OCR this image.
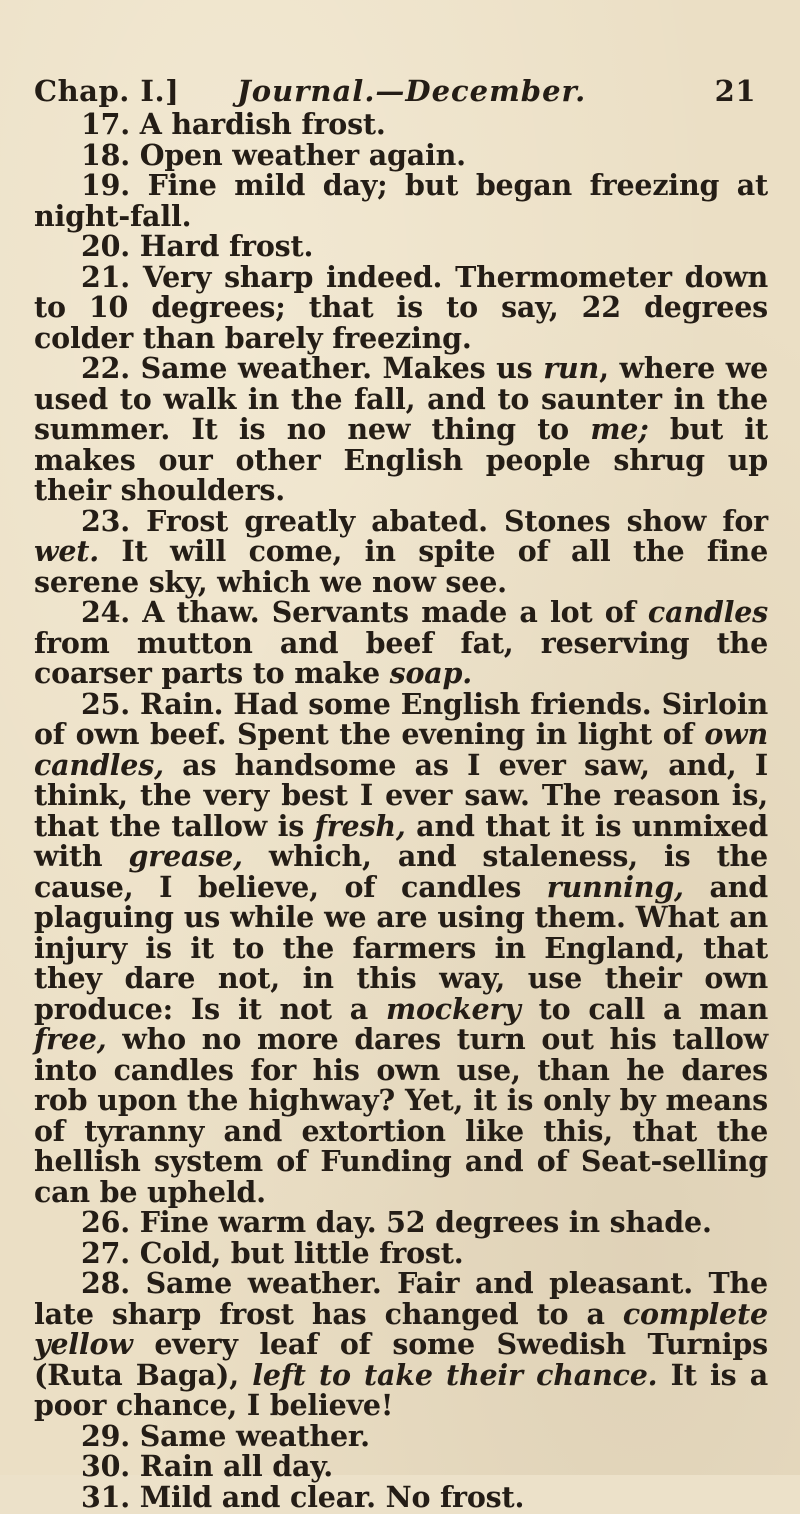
Chap. I.] Journal.—December.	21

17. A hardish frost.

18. Open weather again.

19. Fine mild day; but began freezing at night-fall.

20. Hard frost.

21. Very sharp indeed. Thermometer down to 10 degrees; that is to say, 22 degrees colder than barely freezing.

22. Same weather. Makes us run, where we used to walk in the fall, and to saunter in the summer. It is no new thing to me; but it makes our other English people shrug up their shoulders.

23. Frost greatly abated. Stones show for wet. It will come, in spite of all the fine serene sky, which we now see.

24. A thaw. Servants made a lot of candles from mutton and beef fat, reserving the coarser parts to make soap.

25. Rain. Had some English friends. Sirloin of own beef. Spent the evening in light of own candles, as handsome as I ever saw, and, I think, the very best I ever saw. The reason is, that the tallow is fresh, and that it is unmixed with grease, which, and staleness, is the cause, I believe, of candles running, and plaguing us while we are using them. What an injury is it to the farmers in England, that they dare not, in this way, use their own produce: Is it not a mockery to call a man free, who no more dares turn out his tallow into candles for his own use, than he dares rob upon the highway? Yet, it is only by means of tyranny and extortion like this, that the hellish system of Funding and of Seat-selling can be upheld.

26. Fine warm day. 52 degrees in shade.

27. Cold, but little frost.

28. Same weather. Fair and pleasant. The late sharp frost has changed to a complete yellow every leaf of some Swedish Turnips (Ruta Baga), left to take their chance. It is a poor chance, I believe!

29. Same weather.

30. Rain all day.

31. Mild and clear. No frost.
